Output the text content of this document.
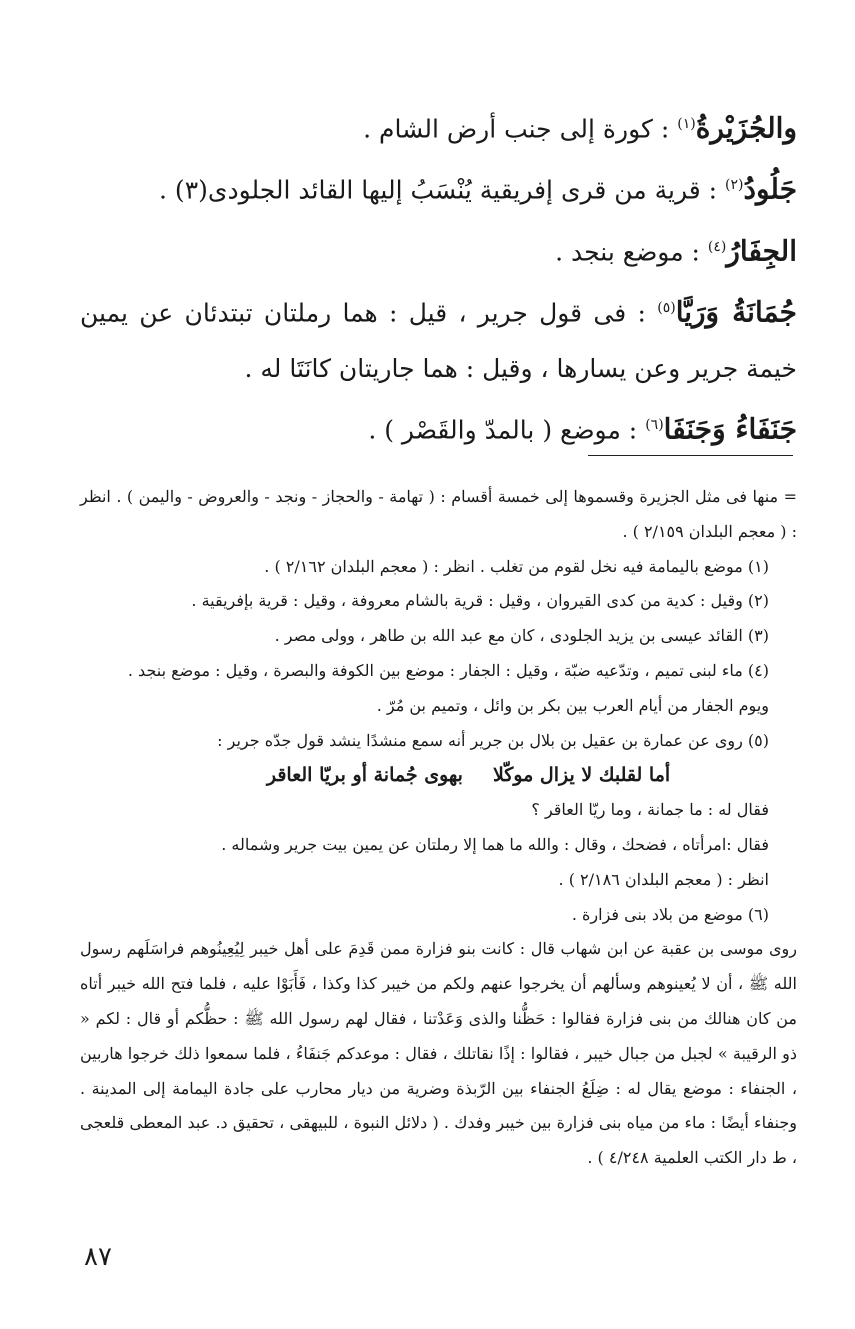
والجُزَيْرةُ$^{(١)}$ : كورة إلى جنب أرض الشام .
جَلُودُ$^{(٢)}$ : قرية من قرى إفريقية يُنْسَبُ إليها القائد الجلودى(٣) .
الجِفَارُ$^{(٤)}$ : موضع بنجد .
جُمَانَةُ وَرَيَّا$^{(٥)}$ : فى قول جرير ، قيل : هما رملتان تبتدئان عن يمين خيمة جرير وعن يسارها ، وقيل : هما جاريتان كانَتَا له .
جَنَفَاءُ وَجَنَفَا$^{(٦)}$ : موضع ( بالمدّ والقَصْر ) .

= منها فى مثل الجزيرة وقسموها إلى خمسة أقسام : ( تهامة - والحجاز - ونجد - والعروض - واليمن ) . انظر : ( معجم البلدان ٢/١٥٩ ) .

(١) موضع باليمامة فيه نخل لقوم من تغلب . انظر : ( معجم البلدان ٢/١٦٢ ) .

(٢) وقيل : كدية من كدى القيروان ، وقيل : قرية بالشام معروفة ، وقيل : قرية بإفريقية .

(٣) القائد عيسى بن يزيد الجلودى ، كان مع عبد الله بن طاهر ، وولى مصر .

(٤) ماء لبنى تميم ، وتدّعيه ضبّة ، وقيل : الجفار : موضع بين الكوفة والبصرة ، وقيل : موضع بنجد .

ويوم الجفار من أيام العرب بين بكر بن وائل ، وتميم بن مُرّ .

(٥) روى عن عمارة بن عقيل بن بلال بن جرير أنه سمع منشدًا ينشد قول جدّه جرير :

أما لقلبك لا يزال موكّلا
بهوى جُمانة أو بريّا العاقر

فقال له : ما جمانة ، وما ريّا العاقر ؟

فقال :امرأتاه ، فضحك ، وقال : والله ما هما إلا رملتان عن يمين بيت جرير وشماله .

انظر : ( معجم البلدان ٢/١٨٦ ) .

(٦) موضع من بلاد بنى فزارة .

روى موسى بن عقبة عن ابن شهاب قال : كانت بنو فزارة ممن قَدِمَ على أهل خيبر لِيُعِينُوهم فراسَلَهم رسول الله ﷺ ، أن لا يُعينوهم وسألهم أن يخرجوا عنهم ولكم من خيبر كذا وكذا ، فَأَبَوْا عليه ، فلما فتح الله خيبر أتاه من كان هنالك من بنى فزارة فقالوا : حَظُّنا والذى وَعَدْتنا ، فقال لهم رسول الله ﷺ : حظُّكم أو قال : لكم « ذو الرقيبة » لجبل من جبال خيبر ، فقالوا : إذًا نقاتلك ، فقال : موعدكم جَنفَاءُ ، فلما سمعوا ذلك خرجوا هاربين ، الجنفاء : موضع يقال له : ضِلَعُ الجنفاء بين الرّبذة وضرية من ديار محارب على جادة اليمامة إلى المدينة . وجنفاء أيضًا : ماء من مياه بنى فزارة بين خيبر وفدك . ( دلائل النبوة ، للبيهقى ، تحقيق د. عبد المعطى قلعجى ، ط دار الكتب العلمية ٤/٢٤٨ ) .

٨٧
